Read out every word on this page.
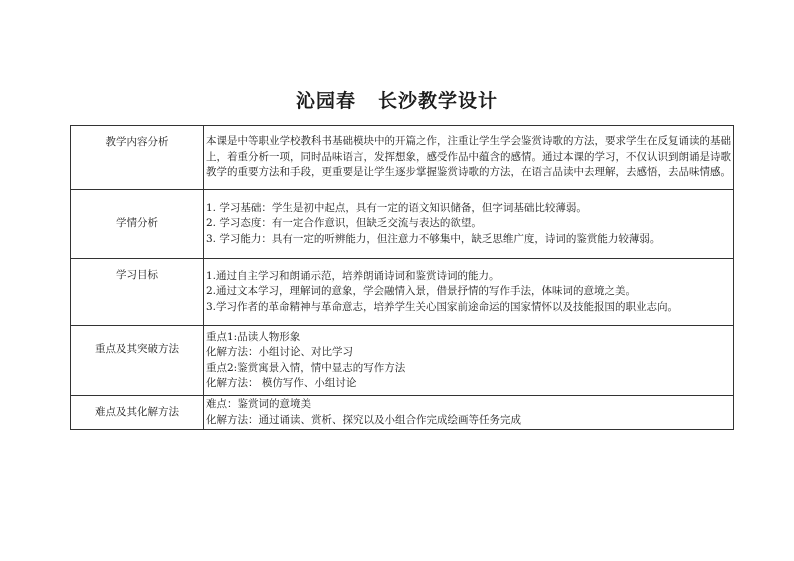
沁园春 长沙教学设计
教学内容分析	本课是中等职业学校教科书基础模块中的开篇之作，注重让学生学会鉴赏诗歌的方法，要求学生在反复诵读的基础上，着重分析一项，同时品味语言，发挥想象，感受作品中蕴含的感情。通过本课的学习，不仅认识到朗诵是诗歌教学的重要方法和手段，更重要是让学生逐步掌握鉴赏诗歌的方法，在语言品读中去理解，去感悟，去品味情感。

学情分析	1. 学习基础：学生是初中起点，具有一定的语文知识储备，但字词基础比较薄弱。

2. 学习态度：有一定合作意识，但缺乏交流与表达的欲望。

3. 学习能力：具有一定的听辨能力，但注意力不够集中，缺乏思维广度，诗词的鉴赏能力较薄弱。

学习目标	1.通过自主学习和朗诵示范，培养朗诵诗词和鉴赏诗词的能力。

2.通过文本学习，理解词的意象，学会融情入景，借景抒情的写作手法，体味词的意境之美。

3.学习作者的革命精神与革命意志，培养学生关心国家前途命运的国家情怀以及技能报国的职业志向。

重点及其突破方法	重点1:品读人物形象

化解方法：小组讨论、对比学习

重点2:鉴赏寓景入情，情中显志的写作方法

化解方法： 模仿写作、小组讨论

难点及其化解方法	难点：鉴赏词的意境美

化解方法：通过诵读、赏析、探究以及小组合作完成绘画等任务完成
